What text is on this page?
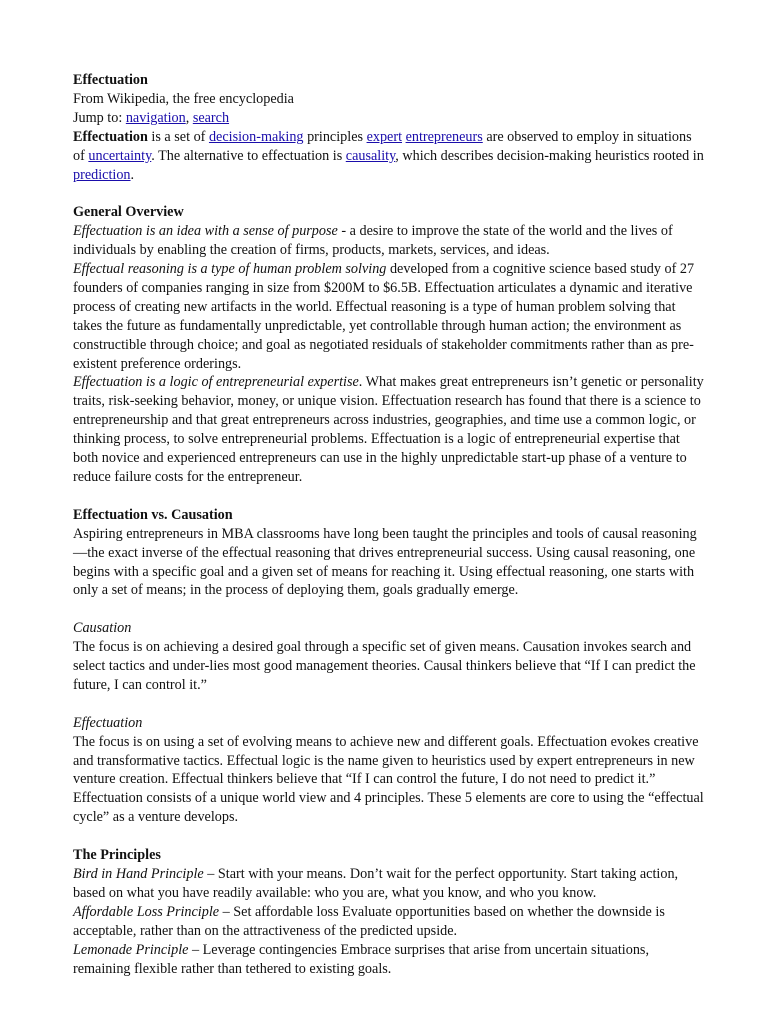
Effectuation

From Wikipedia, the free encyclopedia

Jump to: navigation, search

Effectuation is a set of decision-making principles expert entrepreneurs are observed to employ in situations of uncertainty. The alternative to effectuation is causality, which describes decision-making heuristics rooted in prediction.

General Overview

Effectuation is an idea with a sense of purpose - a desire to improve the state of the world and the lives of individuals by enabling the creation of firms, products, markets, services, and ideas.

Effectual reasoning is a type of human problem solving developed from a cognitive science based study of 27 founders of companies ranging in size from $200M to $6.5B. Effectuation articulates a dynamic and iterative process of creating new artifacts in the world. Effectual reasoning is a type of human problem solving that takes the future as fundamentally unpredictable, yet controllable through human action; the environment as constructible through choice; and goal as negotiated residuals of stakeholder commitments rather than as pre-existent preference orderings.

Effectuation is a logic of entrepreneurial expertise. What makes great entrepreneurs isn’t genetic or personality traits, risk-seeking behavior, money, or unique vision. Effectuation research has found that there is a science to entrepreneurship and that great entrepreneurs across industries, geographies, and time use a common logic, or thinking process, to solve entrepreneurial problems. Effectuation is a logic of entrepreneurial expertise that both novice and experienced entrepreneurs can use in the highly unpredictable start-up phase of a venture to reduce failure costs for the entrepreneur.

Effectuation vs. Causation

Aspiring entrepreneurs in MBA classrooms have long been taught the principles and tools of causal reasoning—the exact inverse of the effectual reasoning that drives entrepreneurial success. Using causal reasoning, one begins with a specific goal and a given set of means for reaching it. Using effectual reasoning, one starts with only a set of means; in the process of deploying them, goals gradually emerge.

Causation

The focus is on achieving a desired goal through a specific set of given means. Causation invokes search and select tactics and under-lies most good management theories. Causal thinkers believe that “If I can predict the future, I can control it.”

Effectuation

The focus is on using a set of evolving means to achieve new and different goals. Effectuation evokes creative and transformative tactics. Effectual logic is the name given to heuristics used by expert entrepreneurs in new venture creation. Effectual thinkers believe that “If I can control the future, I do not need to predict it.”

Effectuation consists of a unique world view and 4 principles. These 5 elements are core to using the “effectual cycle” as a venture develops.

The Principles

Bird in Hand Principle – Start with your means. Don’t wait for the perfect opportunity. Start taking action, based on what you have readily available: who you are, what you know, and who you know.

Affordable Loss Principle – Set affordable loss Evaluate opportunities based on whether the downside is acceptable, rather than on the attractiveness of the predicted upside.

Lemonade Principle – Leverage contingencies Embrace surprises that arise from uncertain situations, remaining flexible rather than tethered to existing goals.
